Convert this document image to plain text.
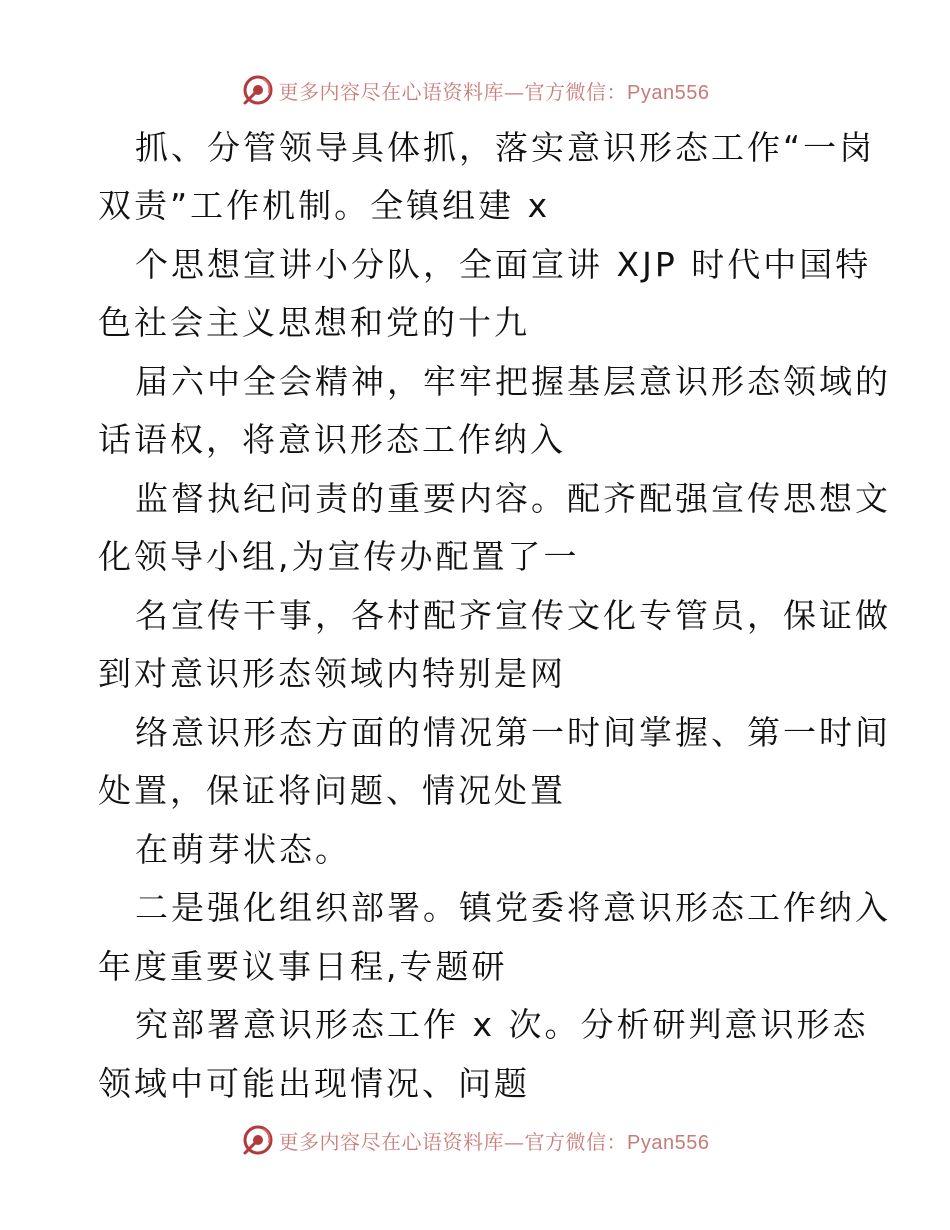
更多内容尽在心语资料库—官方微信：Pyan556

抓、分管领导具体抓，落实意识形态工作“一岗

双责”工作机制。全镇组建 x

个思想宣讲小分队，全面宣讲 XJP 时代中国特

色社会主义思想和党的十九

届六中全会精神，牢牢把握基层意识形态领域的

话语权，将意识形态工作纳入

监督执纪问责的重要内容。配齐配强宣传思想文

化领导小组,为宣传办配置了一

名宣传干事，各村配齐宣传文化专管员，保证做

到对意识形态领域内特别是网

络意识形态方面的情况第一时间掌握、第一时间

处置，保证将问题、情况处置

在萌芽状态。

二是强化组织部署。镇党委将意识形态工作纳入

年度重要议事日程,专题研

究部署意识形态工作 x 次。分析研判意识形态

领域中可能出现情况、问题

更多内容尽在心语资料库—官方微信：Pyan556
